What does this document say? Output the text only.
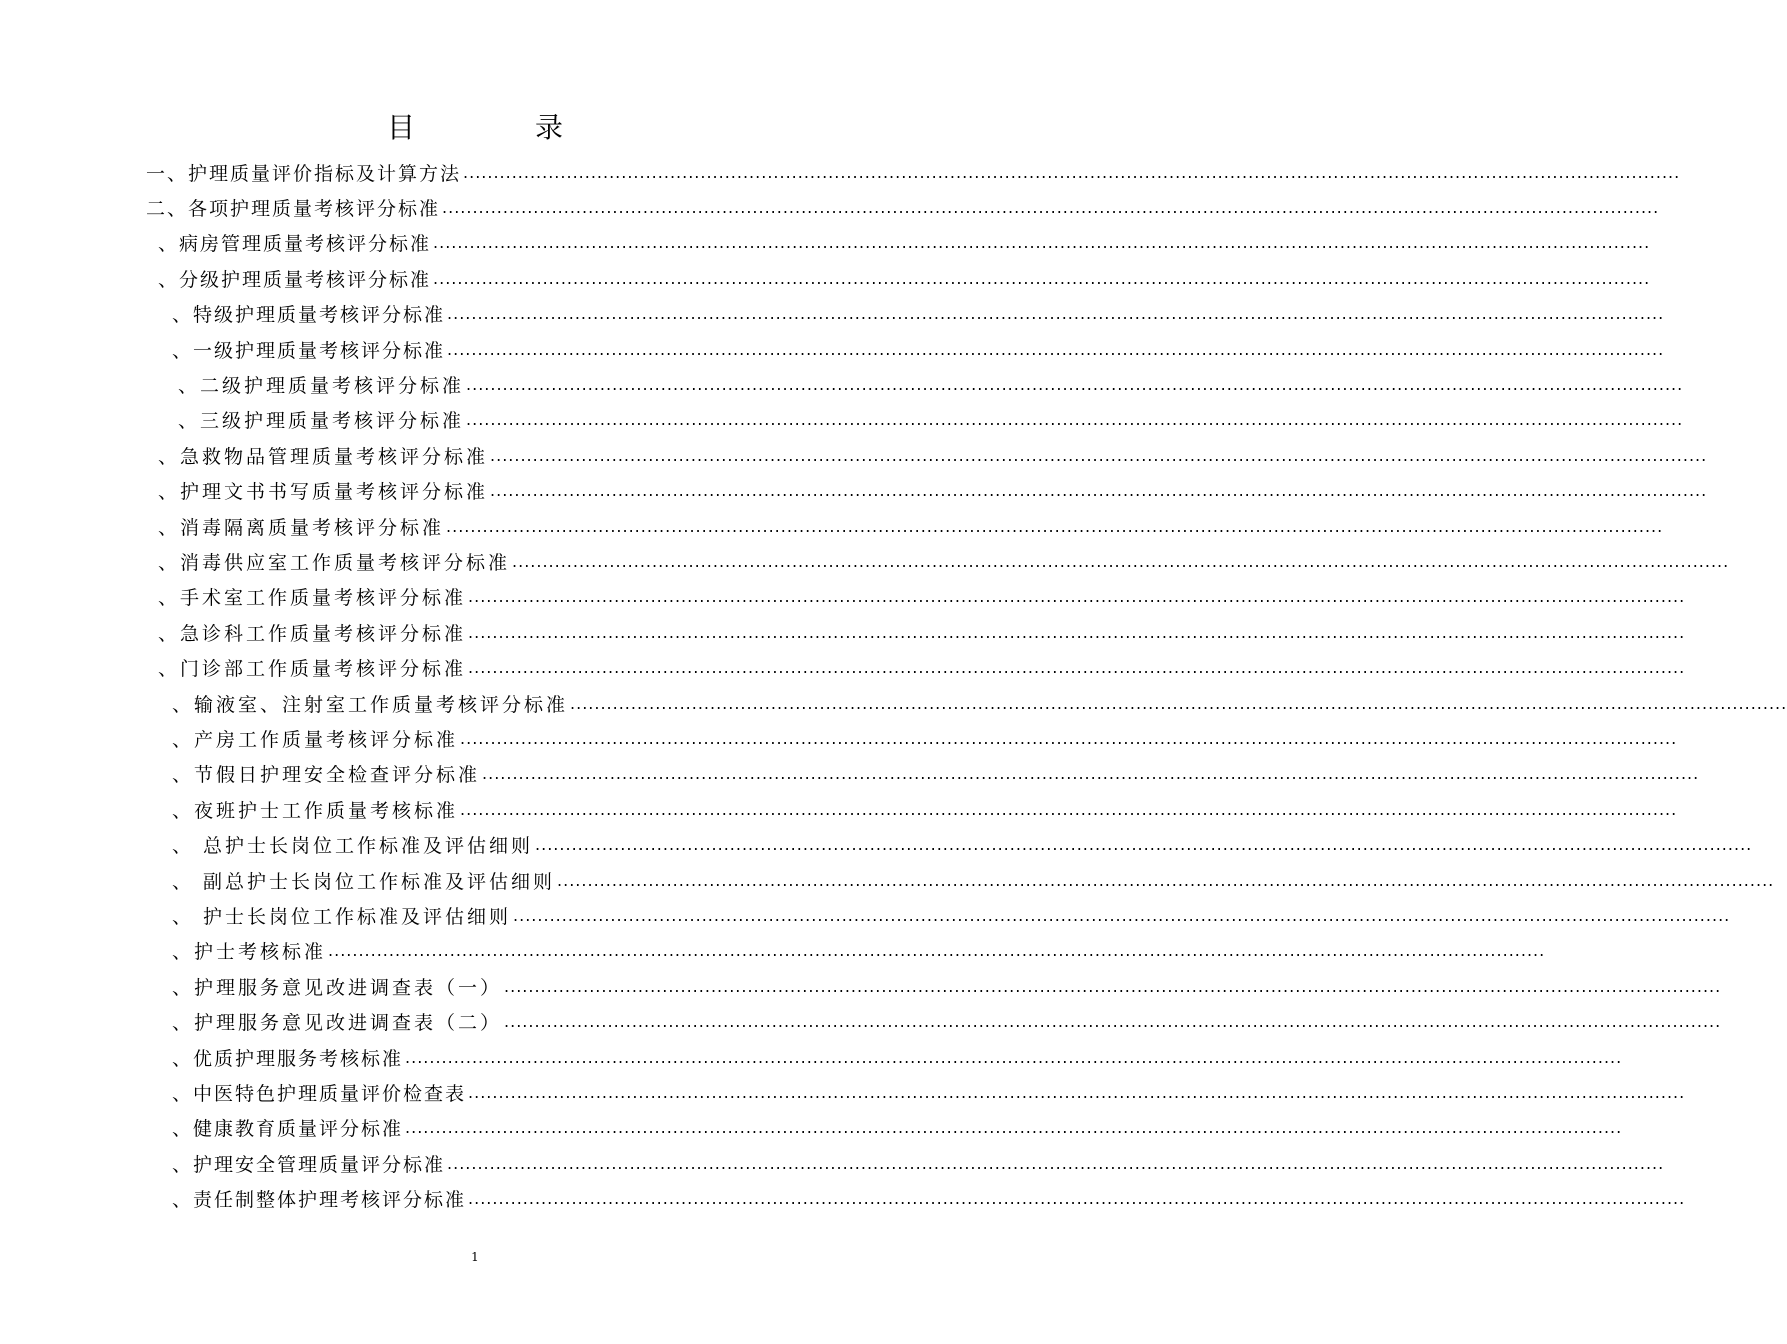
目　录
一、护理质量评价指标及计算方法 ........................................................................................................................................................................................................
二、各项护理质量考核评分标准 ........................................................................................................................................................................................................
、病房管理质量考核评分标准 ........................................................................................................................................................................................................
、分级护理质量考核评分标准 ........................................................................................................................................................................................................
、特级护理质量考核评分标准 ........................................................................................................................................................................................................
、一级护理质量考核评分标准 ........................................................................................................................................................................................................
、二级护理质量考核评分标准 ........................................................................................................................................................................................................
、三级护理质量考核评分标准 ........................................................................................................................................................................................................
、急救物品管理质量考核评分标准 ........................................................................................................................................................................................................
、护理文书书写质量考核评分标准 ........................................................................................................................................................................................................
、消毒隔离质量考核评分标准 ........................................................................................................................................................................................................
、消毒供应室工作质量考核评分标准 ........................................................................................................................................................................................................
、手术室工作质量考核评分标准 ........................................................................................................................................................................................................
、急诊科工作质量考核评分标准 ........................................................................................................................................................................................................
、门诊部工作质量考核评分标准 ........................................................................................................................................................................................................
、输液室、注射室工作质量考核评分标准 ........................................................................................................................................................................................................
、产房工作质量考核评分标准 ........................................................................................................................................................................................................
、节假日护理安全检查评分标准 ........................................................................................................................................................................................................
、夜班护士工作质量考核标准 ........................................................................................................................................................................................................
、 总护士长岗位工作标准及评估细则 ........................................................................................................................................................................................................
、 副总护士长岗位工作标准及评估细则 ........................................................................................................................................................................................................
、 护士长岗位工作标准及评估细则 ........................................................................................................................................................................................................
、护士考核标准 ........................................................................................................................................................................................................
、护理服务意见改进调查表（一） ........................................................................................................................................................................................................
、护理服务意见改进调查表（二） ........................................................................................................................................................................................................
、优质护理服务考核标准 ........................................................................................................................................................................................................
、中医特色护理质量评价检查表 ........................................................................................................................................................................................................
、健康教育质量评分标准 ........................................................................................................................................................................................................
、护理安全管理质量评分标准 ........................................................................................................................................................................................................
、责任制整体护理考核评分标准 ........................................................................................................................................................................................................
1
